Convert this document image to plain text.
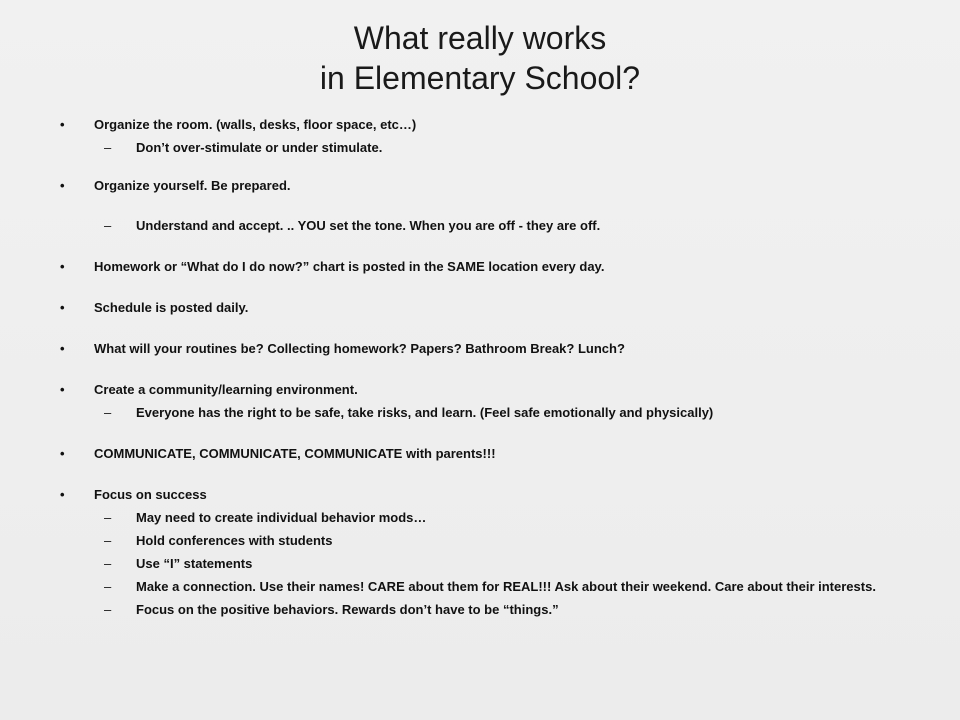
What really works
in Elementary School?
•	Organize the room. (walls, desks, floor space, etc…)
– Don’t over-stimulate or under stimulate.
•	Organize yourself. Be prepared.
– Understand and accept. .. YOU set the tone. When you are off - they are off.
•	Homework or “What do I do now?” chart is posted in the SAME location every day.
•	Schedule is posted daily.
•	What will your routines be? Collecting homework? Papers? Bathroom Break? Lunch?
•	Create a community/learning environment.
– Everyone has the right to be safe, take risks, and learn. (Feel safe emotionally and physically)
•	COMMUNICATE, COMMUNICATE, COMMUNICATE with parents!!!
•	Focus on success
– May need to create individual behavior mods…
– Hold conferences with students
– Use “I” statements
– Make a connection. Use their names! CARE about them for REAL!!! Ask about their weekend. Care about their interests.
– Focus on the positive behaviors. Rewards don’t have to be “things.”
